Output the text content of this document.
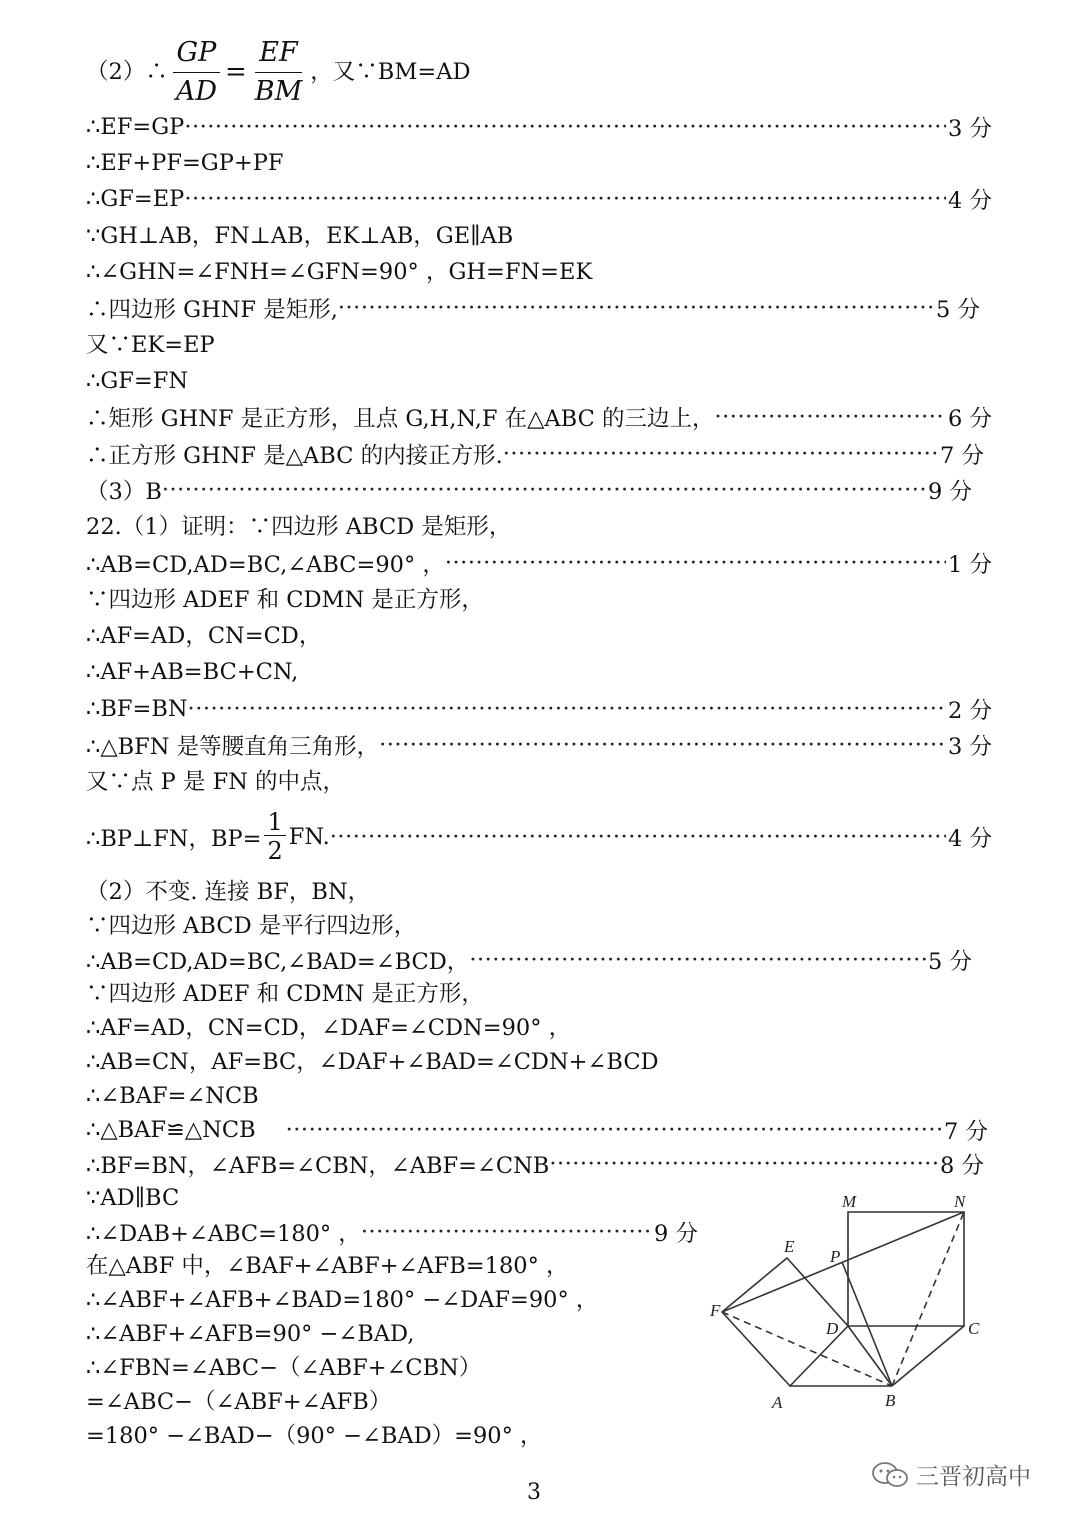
（2）∴ $\frac{GP}{AD} = \frac{EF}{BM}$ ，又∵BM=AD
∴EF=GP ·····	3 分
∴EF+PF=GP+PF
∴GF=EP ·····	4 分
∵GH⊥AB，FN⊥AB，EK⊥AB，GE∥AB
∴∠GHN=∠FNH=∠GFN=90° ，GH=FN=EK
∴四边形 GHNF 是矩形, ·····	5 分
又∵EK=EP
∴GF=FN
∴矩形 GHNF 是正方形，且点 G,H,N,F 在△ABC 的三边上， ·····	6 分
∴正方形 GHNF 是△ABC 的内接正方形. ·····	7 分
（3）B ·····	9 分
22.（1）证明：∵四边形 ABCD 是矩形，
∴AB=CD,AD=BC,∠ABC=90° ， ·····	1 分
∵四边形 ADEF 和 CDMN 是正方形，
∴AF=AD，CN=CD，
∴AF+AB=BC+CN,
∴BF=BN ·····	2 分
∴△BFN 是等腰直角三角形， ·····	3 分
又∵点 P 是 FN 的中点，
∴BP⊥FN，$BP= \frac{1}{2}$ FN. ·····	4 分
（2）不变. 连接 BF，BN，
∵四边形 ABCD 是平行四边形，
∴AB=CD,AD=BC,∠BAD=∠BCD， ·····	5 分
∵四边形 ADEF 和 CDMN 是正方形，
∴AF=AD，CN=CD，∠DAF=∠CDN=90° ，
∴AB=CN，AF=BC，∠DAF+∠BAD=∠CDN+∠BCD
∴∠BAF=∠NCB
∴△BAF≌△NCB ·····	7 分
∴BF=BN，∠AFB=∠CBN，∠ABF=∠CNB ·····	8 分
∵AD∥BC
∴∠DAB+∠ABC=180° ， ·····	9 分
在△ABF 中，∠BAF+∠ABF+∠AFB=180° ，
∴∠ABF+∠AFB+∠BAD=180° −∠DAF=90° ，
∴∠ABF+∠AFB=90° −∠BAD,
∴∠FBN=∠ABC−（∠ABF+∠CBN）
=∠ABC−（∠ABF+∠AFB）
=180° −∠BAD−（90° −∠BAD）=90° ，
M	N
E
P
F
D	C
A	B
3
三晋初高中
